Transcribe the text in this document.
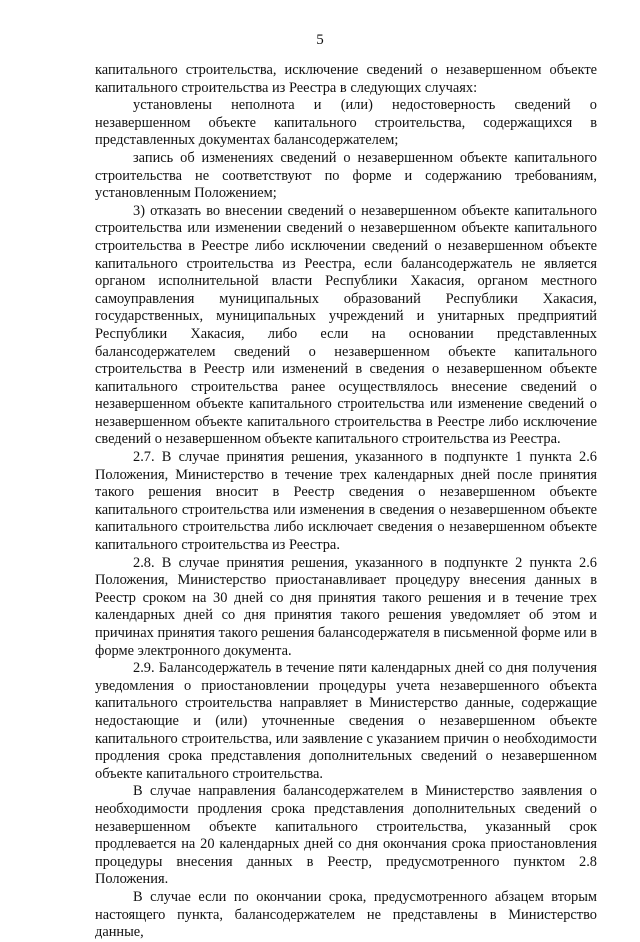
5

капитального строительства, исключение сведений о незавершенном объекте капитального строительства из Реестра в следующих случаях:

установлены неполнота и (или) недостоверность сведений о незавершенном объекте капитального строительства, содержащихся в представленных документах балансодержателем;

запись об изменениях сведений о незавершенном объекте капитального строительства не соответствуют по форме и содержанию требованиям, установленным Положением;

3) отказать во внесении сведений о незавершенном объекте капитального строительства или изменении сведений о незавершенном объекте капитального строительства в Реестре либо исключении сведений о незавершенном объекте капитального строительства из Реестра, если балансодержатель не является органом исполнительной власти Республики Хакасия, органом местного самоуправления муниципальных образований Республики Хакасия, государственных, муниципальных учреждений и унитарных предприятий Республики Хакасия, либо если на основании представленных балансодержателем сведений о незавершенном объекте капитального строительства в Реестр или изменений в сведения о незавершенном объекте капитального строительства ранее осуществлялось внесение сведений о незавершенном объекте капитального строительства или изменение сведений о незавершенном объекте капитального строительства в Реестре либо исключение сведений о незавершенном объекте капитального строительства из Реестра.

2.7. В случае принятия решения, указанного в подпункте 1 пункта 2.6 Положения, Министерство в течение трех календарных дней после принятия такого решения вносит в Реестр сведения о незавершенном объекте капитального строительства или изменения в сведения о незавершенном объекте капитального строительства либо исключает сведения о незавершенном объекте капитального строительства из Реестра.

2.8. В случае принятия решения, указанного в подпункте 2 пункта 2.6 Положения, Министерство приостанавливает процедуру внесения данных в Реестр сроком на 30 дней со дня принятия такого решения и в течение трех календарных дней со дня принятия такого решения уведомляет об этом и причинах принятия такого решения балансодержателя в письменной форме или в форме электронного документа.

2.9. Балансодержатель в течение пяти календарных дней со дня получения уведомления о приостановлении процедуры учета незавершенного объекта капитального строительства направляет в Министерство данные, содержащие недостающие и (или) уточненные сведения о незавершенном объекте капитального строительства, или заявление с указанием причин о необходимости продления срока представления дополнительных сведений о незавершенном объекте капитального строительства.

В случае направления балансодержателем в Министерство заявления о необходимости продления срока представления дополнительных сведений о незавершенном объекте капитального строительства, указанный срок продлевается на 20 календарных дней со дня окончания срока приостановления процедуры внесения данных в Реестр, предусмотренного пунктом 2.8 Положения.

В случае если по окончании срока, предусмотренного абзацем вторым настоящего пункта, балансодержателем не представлены в Министерство данные,
